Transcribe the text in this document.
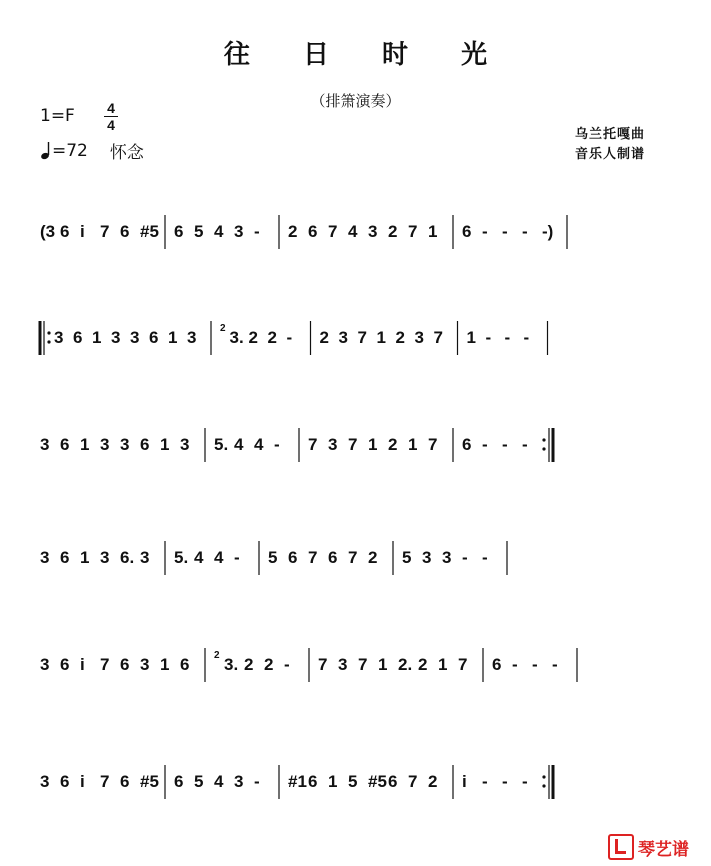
往 日 时 光
（排箫演奏）
1=F 4
4
=72 怀念
乌兰托嘎曲
音乐人制谱
(3 6 i 7 6 #5 6 5 4 3 - 2 6 7 4 3 2 7 1 6 - - - -)
3 6 1 3 3 6 1 3 2 3. 2 2 - 2 3 7 1 2 3 7 1 - - -
3 6 1 3 3 6 1 3 5. 4 4 - 7 3 7 1 2 1 7 6 - - -
3 6 1 3 6. 3 5. 4 4 - 5 6 7 6 7 2 5 3 3 - -
3 6 i 7 6 3 1 6 2 3. 2 2 - 7 3 7 1 2. 2 1 7 6 - - -
3 6 i 7 6 #5 6 5 4 3 - #1 6 1 5 #5 6 7 2 i - - -
琴艺谱
